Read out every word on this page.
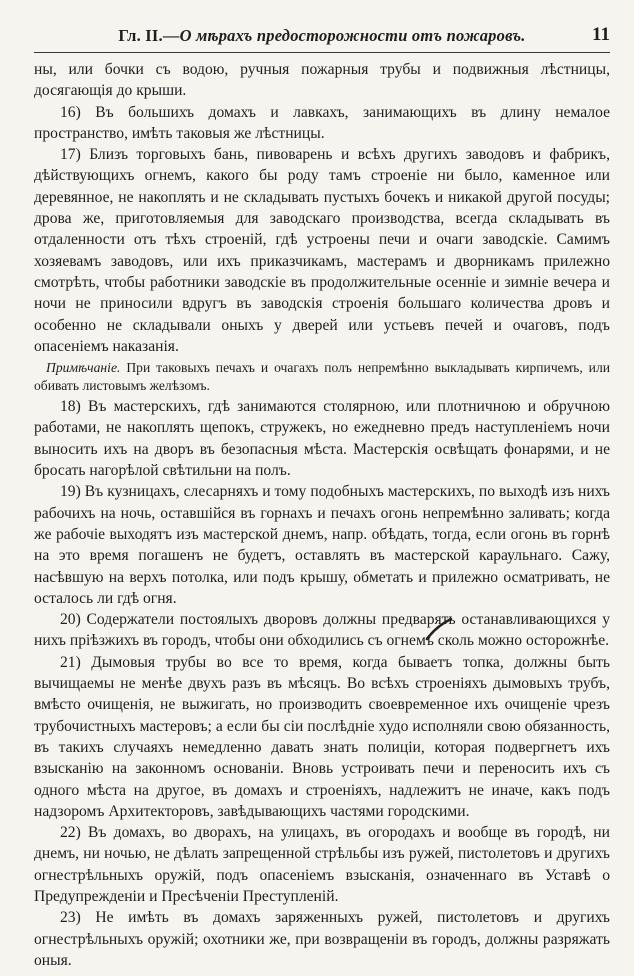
Гл. II.—О мѣрахъ предосторожности отъ пожаровъ.	11

ны, или бочки съ водою, ручныя пожарныя трубы и подвижныя лѣстницы, досягающія до крыши.

16) Въ большихъ домахъ и лавкахъ, занимающихъ въ длину немалое пространство, имѣть таковыя же лѣстницы.

17) Близъ торговыхъ бань, пивоварень и всѣхъ другихъ заводовъ и фабрикъ, дѣйствующихъ огнемъ, какого бы роду тамъ строеніе ни было, каменное или деревянное, не накоплять и не складывать пустыхъ бочекъ и никакой другой посуды; дрова же, приготовляемыя для заводскаго производства, всегда складывать въ отдаленности отъ тѣхъ строеній, гдѣ устроены печи и очаги заводскіе. Самимъ хозяевамъ заводовъ, или ихъ приказчикамъ, мастерамъ и дворникамъ прилежно смотрѣть, чтобы работники заводскіе въ продолжительные осенніе и зимніе вечера и ночи не приносили вдругъ въ заводскія строенія большаго количества дровъ и особенно не складывали оныхъ у дверей или устьевъ печей и очаговъ, подъ опасеніемъ наказанія.

Примѣчаніе. При таковыхъ печахъ и очагахъ полъ непремѣнно выкладывать кирпичемъ, или обивать листовымъ желѣзомъ.

18) Въ мастерскихъ, гдѣ занимаются столярною, или плотничною и обручною работами, не накоплять щепокъ, стружекъ, но ежедневно предъ наступленіемъ ночи выносить ихъ на дворъ въ безопасныя мѣста. Мастерскія освѣщать фонарями, и не бросать нагорѣлой свѣтильни на полъ.

19) Въ кузницахъ, слесарняхъ и тому подобныхъ мастерскихъ, по выходѣ изъ нихъ рабочихъ на ночь, оставшійся въ горнахъ и печахъ огонь непремѣнно заливать; когда же рабочіе выходятъ изъ мастерской днемъ, напр. обѣдать, тогда, если огонь въ горнѣ на это время погашенъ не будетъ, оставлять въ мастерской караульнаго. Сажу, насѣвшую на верхъ потолка, или подъ крышу, обметать и прилежно осматривать, не осталось ли гдѣ огня.

20) Содержатели постоялыхъ дворовъ должны предварять останавливающихся у нихъ пріѣзжихъ въ городъ, чтобы они обходились съ огнемъ сколь можно осторожнѣе.

21) Дымовыя трубы во все то время, когда бываетъ топка, должны быть вычищаемы не менѣе двухъ разъ въ мѣсяцъ. Во всѣхъ строеніяхъ дымовыхъ трубъ, вмѣсто очищенія, не выжигать, но производить своевременное ихъ очищеніе чрезъ трубочистныхъ мастеровъ; а если бы сіи послѣдніе худо исполняли свою обязанность, въ такихъ случаяхъ немедленно давать знать полиціи, которая подвергнетъ ихъ взысканію на законномъ основаніи. Вновь устроивать печи и переносить ихъ съ одного мѣста на другое, въ домахъ и строеніяхъ, надлежитъ не иначе, какъ подъ надзоромъ Архитекторовъ, завѣдывающихъ частями городскими.

22) Въ домахъ, во дворахъ, на улицахъ, въ огородахъ и вообще въ городѣ, ни днемъ, ни ночью, не дѣлать запрещенной стрѣльбы изъ ружей, пистолетовъ и другихъ огнестрѣльныхъ оружій, подъ опасеніемъ взысканія, означеннаго въ Уставѣ о Предупрежденіи и Пресѣченіи Преступленій.

23) Не имѣть въ домахъ заряженныхъ ружей, пистолетовъ и другихъ огнестрѣльныхъ оружій; охотники же, при возвращеніи въ городъ, должны разряжать оныя.
